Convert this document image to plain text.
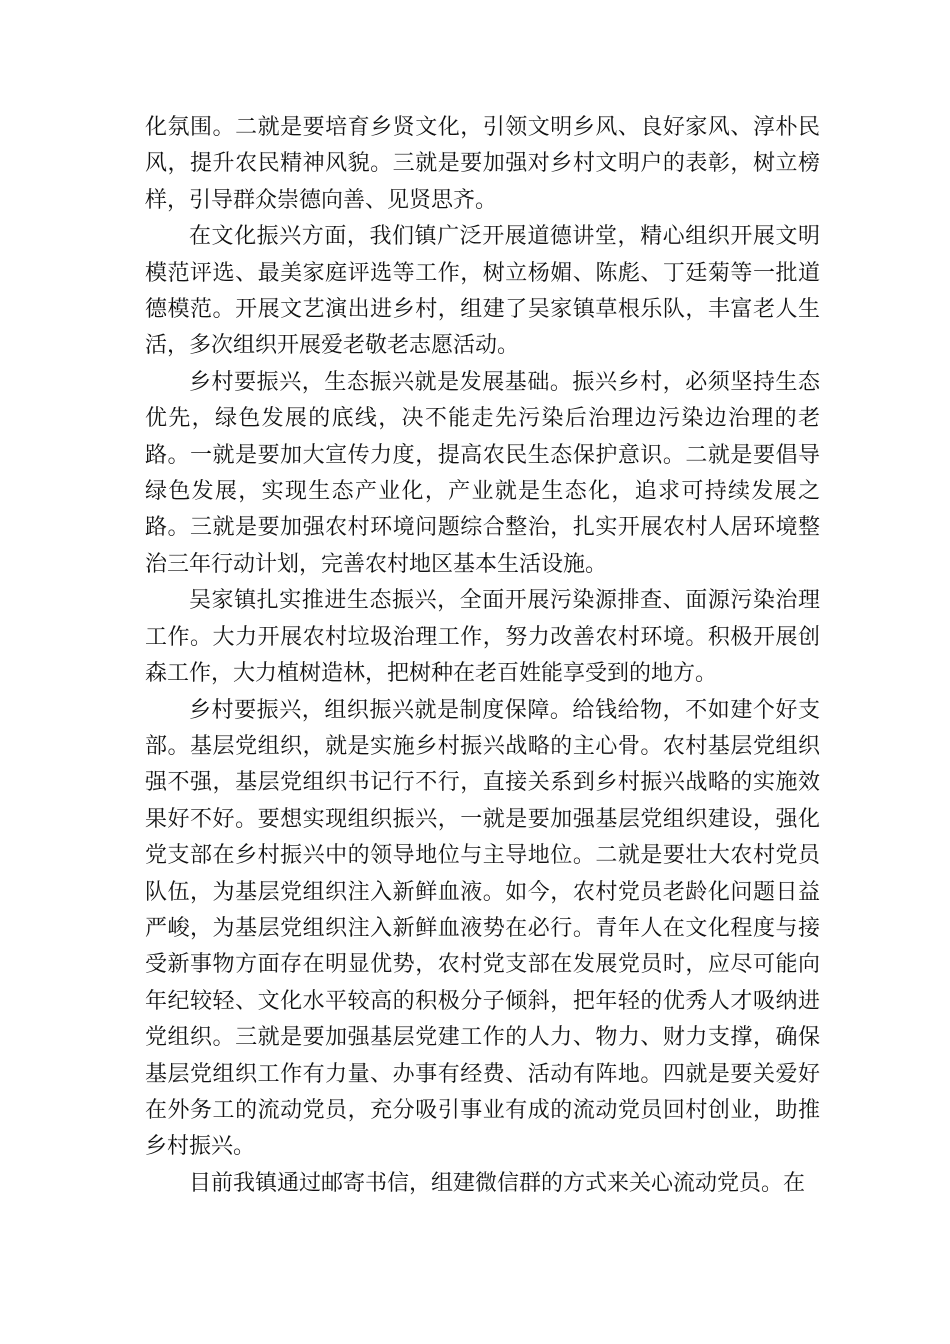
化氛围。二就是要培育乡贤文化，引领文明乡风、良好家风、淳朴民风，提升农民精神风貌。三就是要加强对乡村文明户的表彰，树立榜样，引导群众崇德向善、见贤思齐。

在文化振兴方面，我们镇广泛开展道德讲堂，精心组织开展文明模范评选、最美家庭评选等工作，树立杨媚、陈彪、丁廷菊等一批道德模范。开展文艺演出进乡村，组建了吴家镇草根乐队，丰富老人生活，多次组织开展爱老敬老志愿活动。

乡村要振兴，生态振兴就是发展基础。振兴乡村，必须坚持生态优先，绿色发展的底线，决不能走先污染后治理边污染边治理的老路。一就是要加大宣传力度，提高农民生态保护意识。二就是要倡导绿色发展，实现生态产业化，产业就是生态化，追求可持续发展之路。三就是要加强农村环境问题综合整治，扎实开展农村人居环境整治三年行动计划，完善农村地区基本生活设施。

吴家镇扎实推进生态振兴，全面开展污染源排查、面源污染治理工作。大力开展农村垃圾治理工作，努力改善农村环境。积极开展创森工作，大力植树造林，把树种在老百姓能享受到的地方。

乡村要振兴，组织振兴就是制度保障。给钱给物，不如建个好支部。基层党组织，就是实施乡村振兴战略的主心骨。农村基层党组织强不强，基层党组织书记行不行，直接关系到乡村振兴战略的实施效果好不好。要想实现组织振兴，一就是要加强基层党组织建设，强化党支部在乡村振兴中的领导地位与主导地位。二就是要壮大农村党员队伍，为基层党组织注入新鲜血液。如今，农村党员老龄化问题日益严峻，为基层党组织注入新鲜血液势在必行。青年人在文化程度与接受新事物方面存在明显优势，农村党支部在发展党员时，应尽可能向年纪较轻、文化水平较高的积极分子倾斜，把年轻的优秀人才吸纳进党组织。三就是要加强基层党建工作的人力、物力、财力支撑，确保基层党组织工作有力量、办事有经费、活动有阵地。四就是要关爱好在外务工的流动党员，充分吸引事业有成的流动党员回村创业，助推乡村振兴。

目前我镇通过邮寄书信，组建微信群的方式来关心流动党员。在
